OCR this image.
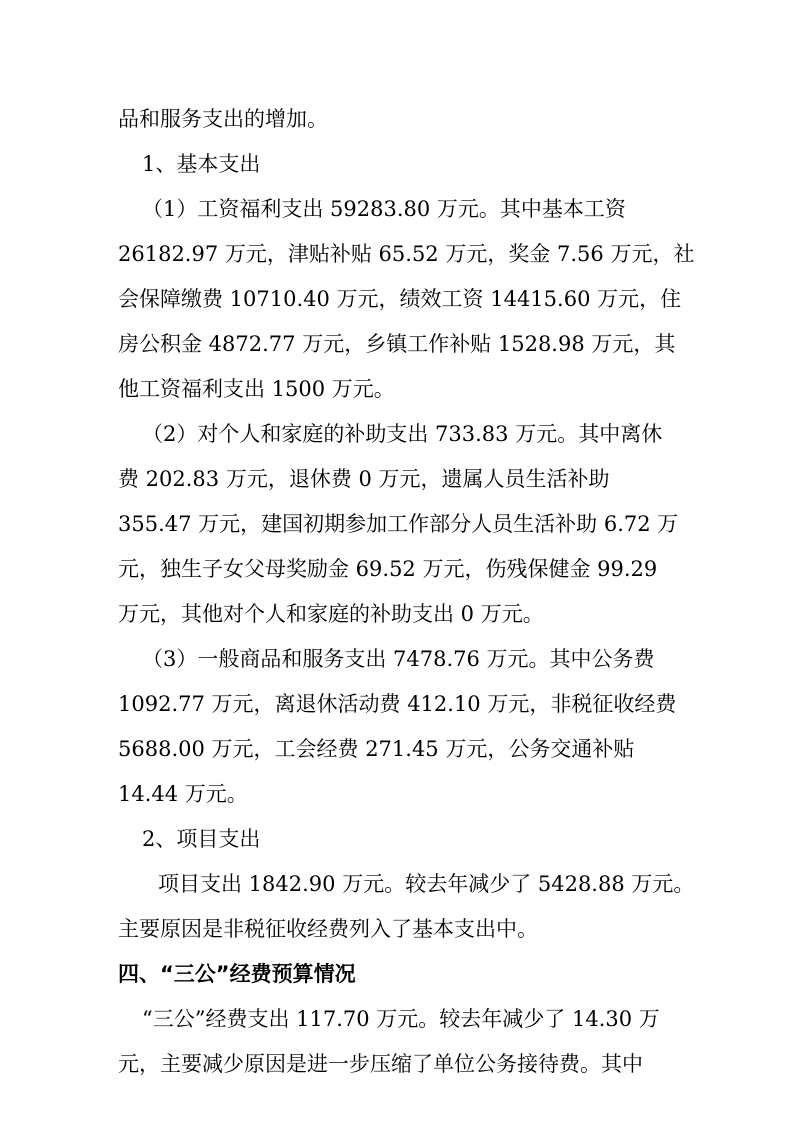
品和服务支出的增加。
1、基本支出
（1）工资福利支出 59283.80 万元。其中基本工资
26182.97 万元，津贴补贴 65.52 万元，奖金 7.56 万元，社
会保障缴费 10710.40 万元，绩效工资 14415.60 万元，住
房公积金 4872.77 万元，乡镇工作补贴 1528.98 万元，其
他工资福利支出 1500 万元。
（2）对个人和家庭的补助支出 733.83 万元。其中离休
费 202.83 万元，退休费 0 万元，遗属人员生活补助
355.47 万元，建国初期参加工作部分人员生活补助 6.72 万
元，独生子女父母奖励金 69.52 万元，伤残保健金 99.29
万元，其他对个人和家庭的补助支出 0 万元。
（3）一般商品和服务支出 7478.76 万元。其中公务费
1092.77 万元，离退休活动费 412.10 万元，非税征收经费
5688.00 万元，工会经费 271.45 万元，公务交通补贴
14.44 万元。
2、项目支出
项目支出 1842.90 万元。较去年减少了 5428.88 万元。
主要原因是非税征收经费列入了基本支出中。
四、“三公”经费预算情况
“三公”经费支出 117.70 万元。较去年减少了 14.30 万
元，主要减少原因是进一步压缩了单位公务接待费。其中
